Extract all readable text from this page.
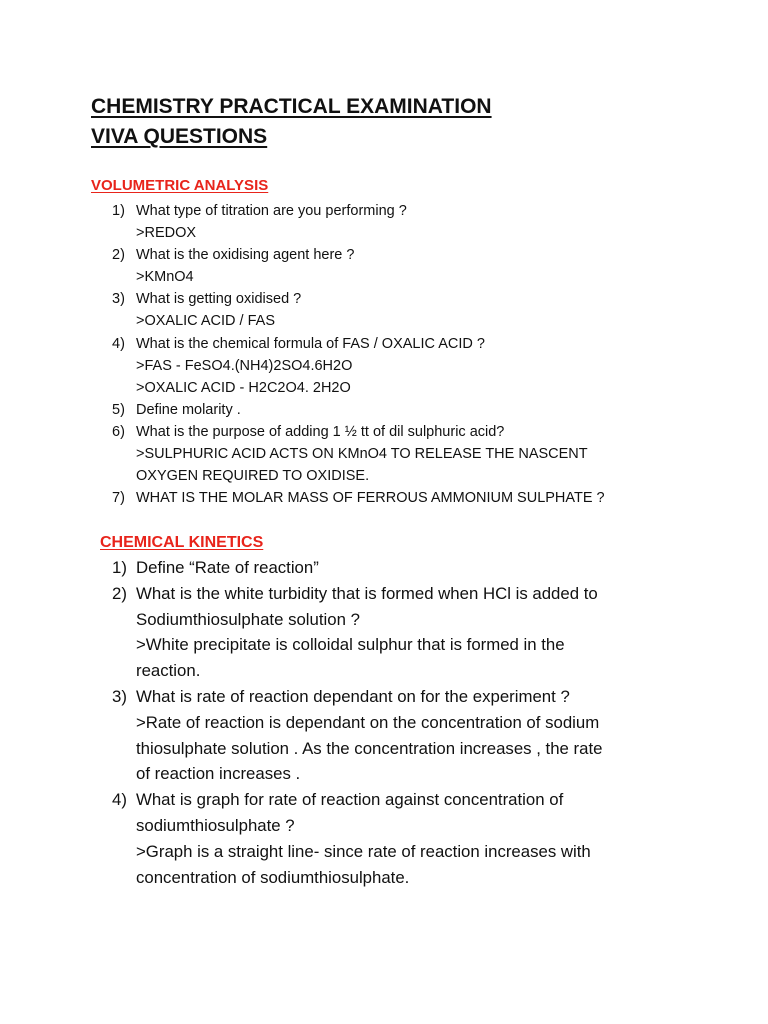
CHEMISTRY PRACTICAL EXAMINATION
VIVA QUESTIONS
VOLUMETRIC ANALYSIS
1) What type of titration are you performing ?
>REDOX
2) What is the oxidising agent here ?
>KMnO4
3) What is getting oxidised ?
>OXALIC ACID / FAS
4) What is the chemical formula of FAS / OXALIC ACID ?
>FAS - FeSO4.(NH4)2SO4.6H2O
>OXALIC ACID - H2C2O4. 2H2O
5) Define molarity .
6) What is the purpose of adding 1 ½ tt of dil sulphuric acid?
>SULPHURIC ACID ACTS ON KMnO4 TO RELEASE THE NASCENT
OXYGEN REQUIRED TO OXIDISE.
7) WHAT IS THE MOLAR MASS OF FERROUS AMMONIUM SULPHATE ?
CHEMICAL KINETICS
1) Define “Rate of reaction”
2) What is the white turbidity that is formed when HCl is added to
Sodiumthiosulphate solution ?
>White precipitate is colloidal sulphur that is formed in the
reaction.
3) What is rate of reaction dependant on for the experiment ?
>Rate of reaction is dependant on the concentration of sodium
thiosulphate solution . As the concentration increases , the rate
of reaction increases .
4) What is graph for rate of reaction against concentration of
sodiumthiosulphate ?
>Graph is a straight line- since rate of reaction increases with
concentration of sodiumthiosulphate.
